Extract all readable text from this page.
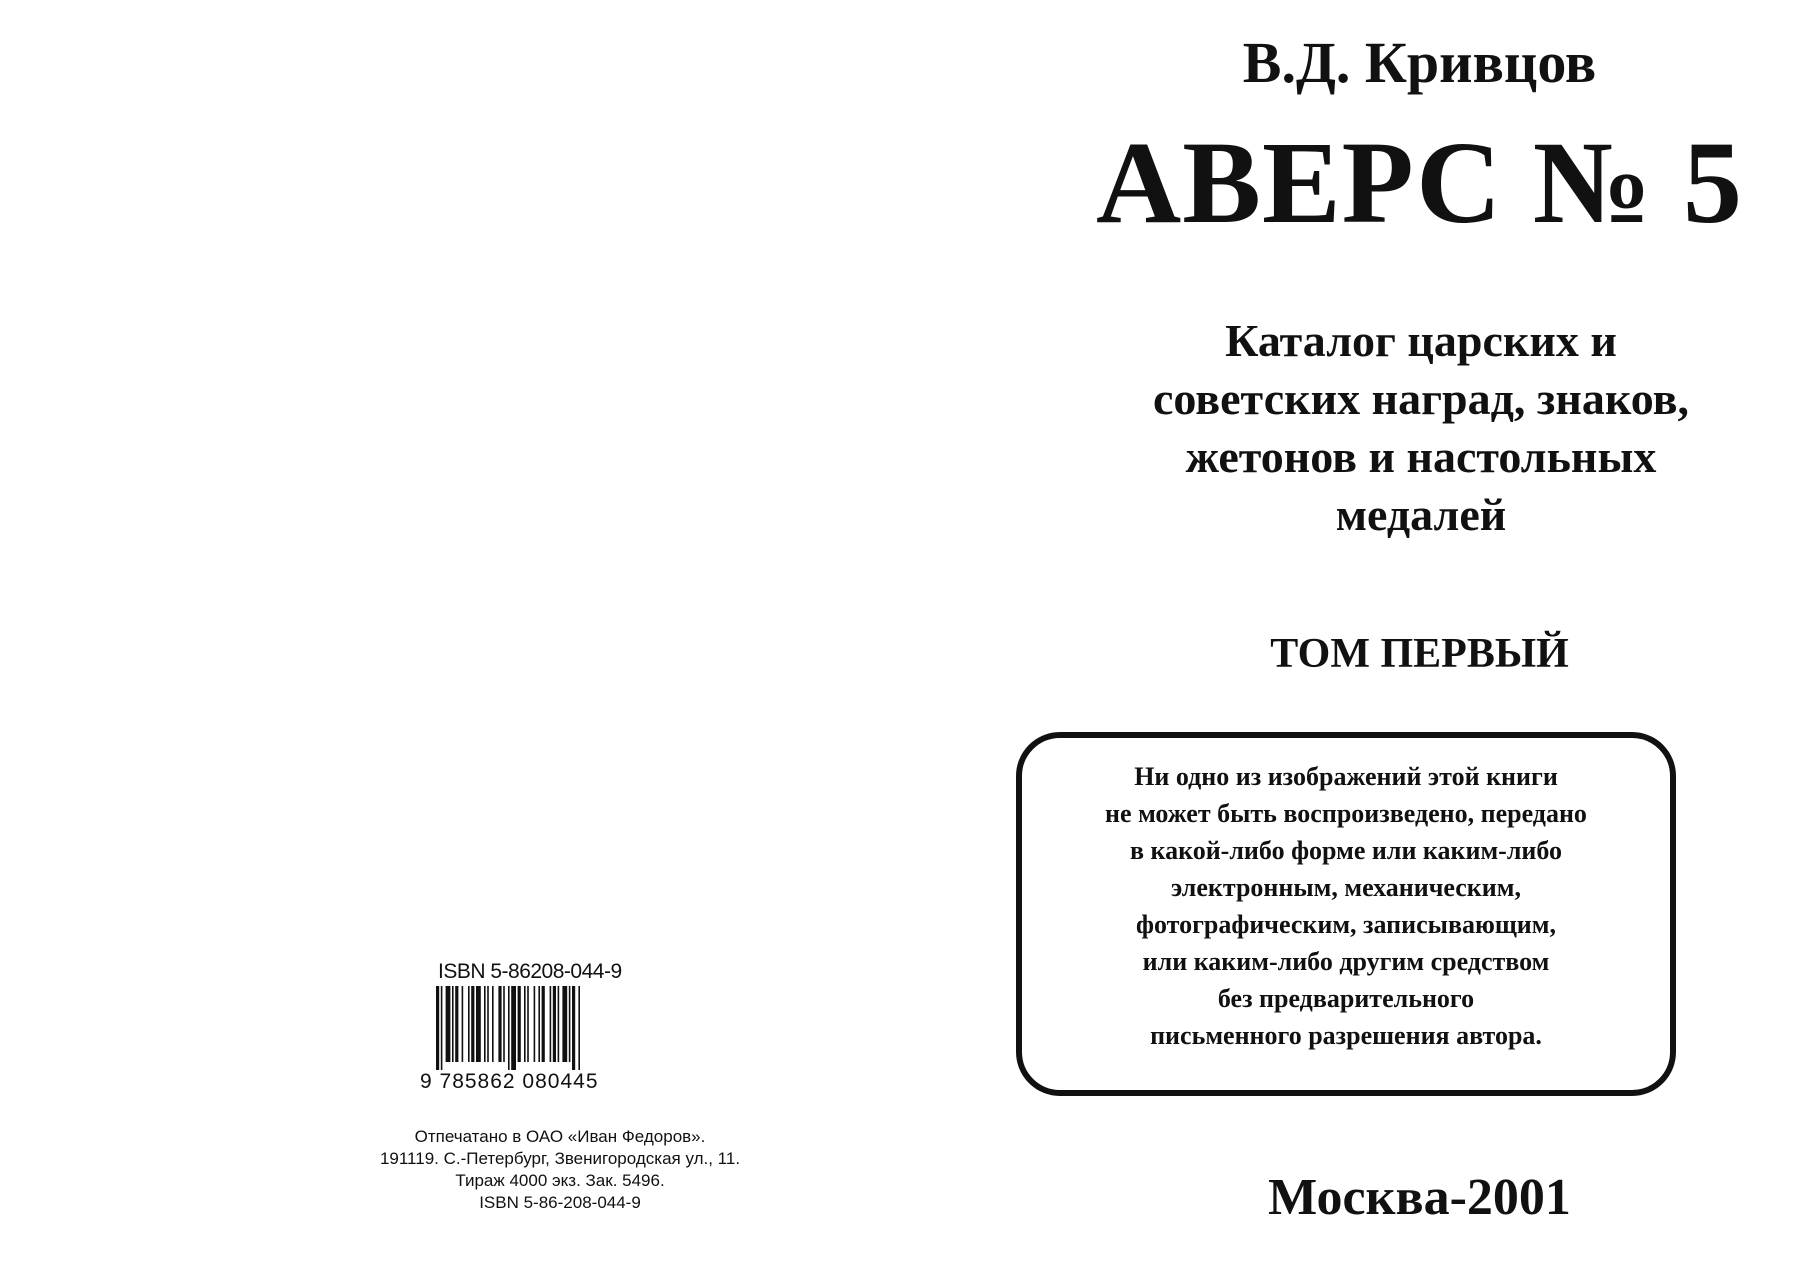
ISBN 5-86208-044-9
9 785862 080445
Отпечатано в ОАО «Иван Федоров».
191119. С.-Петербург, Звенигородская ул., 11.
Тираж 4000 экз. Зак. 5496.
ISBN 5-86-208-044-9
В.Д. Кривцов
АВЕРС № 5
Каталог царских и
советских наград, знаков,
жетонов и настольных
медалей
ТОМ ПЕРВЫЙ
Ни одно из изображений этой книги
не может быть воспроизведено, передано
в какой-либо форме или каким-либо
электронным, механическим,
фотографическим, записывающим,
или каким-либо другим средством
без предварительного
письменного разрешения автора.
Москва-2001
